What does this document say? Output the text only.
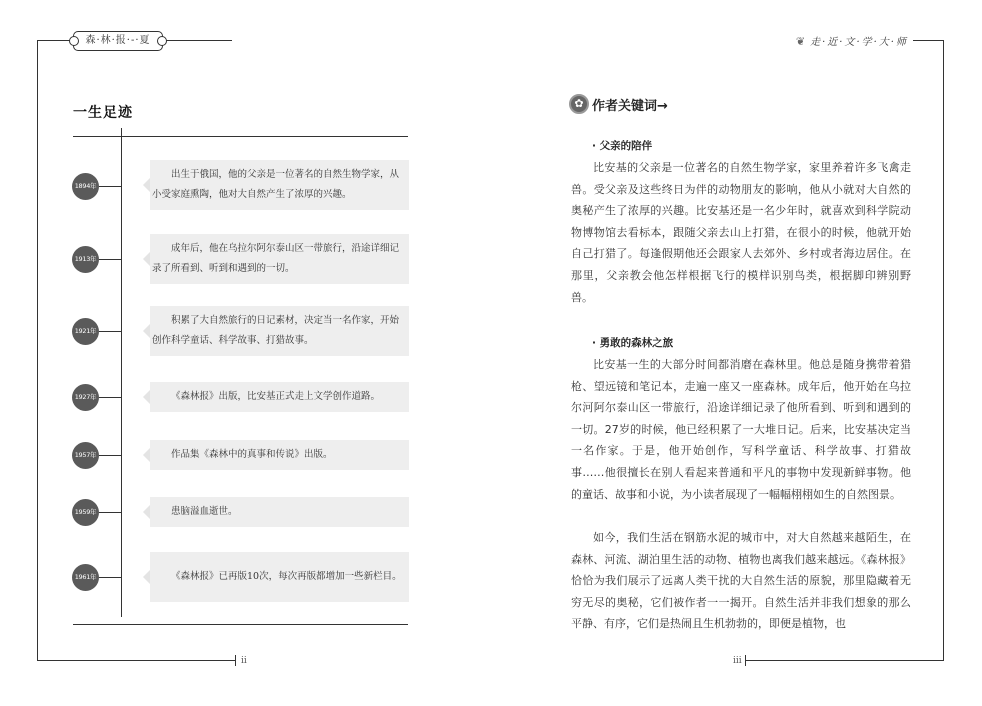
森·林·报·-·夏	❦ 走·近·文·学·大·师
ii	iii
一生足迹
1894年
出生于俄国，他的父亲是一位著名的自然生物学家，从小受家庭熏陶，他对大自然产生了浓厚的兴趣。
1913年
成年后，他在乌拉尔阿尔泰山区一带旅行，沿途详细记录了所看到、听到和遇到的一切。
1921年
积累了大自然旅行的日记素材，决定当一名作家，开始创作科学童话、科学故事、打猎故事。
1927年	《森林报》出版，比安基正式走上文学创作道路。
1957年	作品集《森林中的真事和传说》出版。
1959年	患脑溢血逝世。
1961年	《森林报》已再版10次，每次再版都增加一些新栏目。
✿ 作者关键词→
· 父亲的陪伴
比安基的父亲是一位著名的自然生物学家，家里养着许多飞禽走兽。受父亲及这些终日为伴的动物朋友的影响，他从小就对大自然的奥秘产生了浓厚的兴趣。比安基还是一名少年时，就喜欢到科学院动物博物馆去看标本，跟随父亲去山上打猎，在很小的时候，他就开始自己打猎了。每逢假期他还会跟家人去郊外、乡村或者海边居住。在那里，父亲教会他怎样根据飞行的模样识别鸟类，根据脚印辨别野兽。
· 勇敢的森林之旅
比安基一生的大部分时间都消磨在森林里。他总是随身携带着猎枪、望远镜和笔记本，走遍一座又一座森林。成年后，他开始在乌拉尔河阿尔泰山区一带旅行，沿途详细记录了他所看到、听到和遇到的一切。27岁的时候，他已经积累了一大堆日记。后来，比安基决定当一名作家。于是，他开始创作，写科学童话、科学故事、打猎故事……他很擅长在别人看起来普通和平凡的事物中发现新鲜事物。他的童话、故事和小说，为小读者展现了一幅幅栩栩如生的自然图景。
如今，我们生活在钢筋水泥的城市中，对大自然越来越陌生，在森林、河流、湖泊里生活的动物、植物也离我们越来越远。《森林报》恰恰为我们展示了远离人类干扰的大自然生活的原貌，那里隐藏着无穷无尽的奥秘，它们被作者一一揭开。自然生活并非我们想象的那么平静、有序，它们是热闹且生机勃勃的，即便是植物，也
